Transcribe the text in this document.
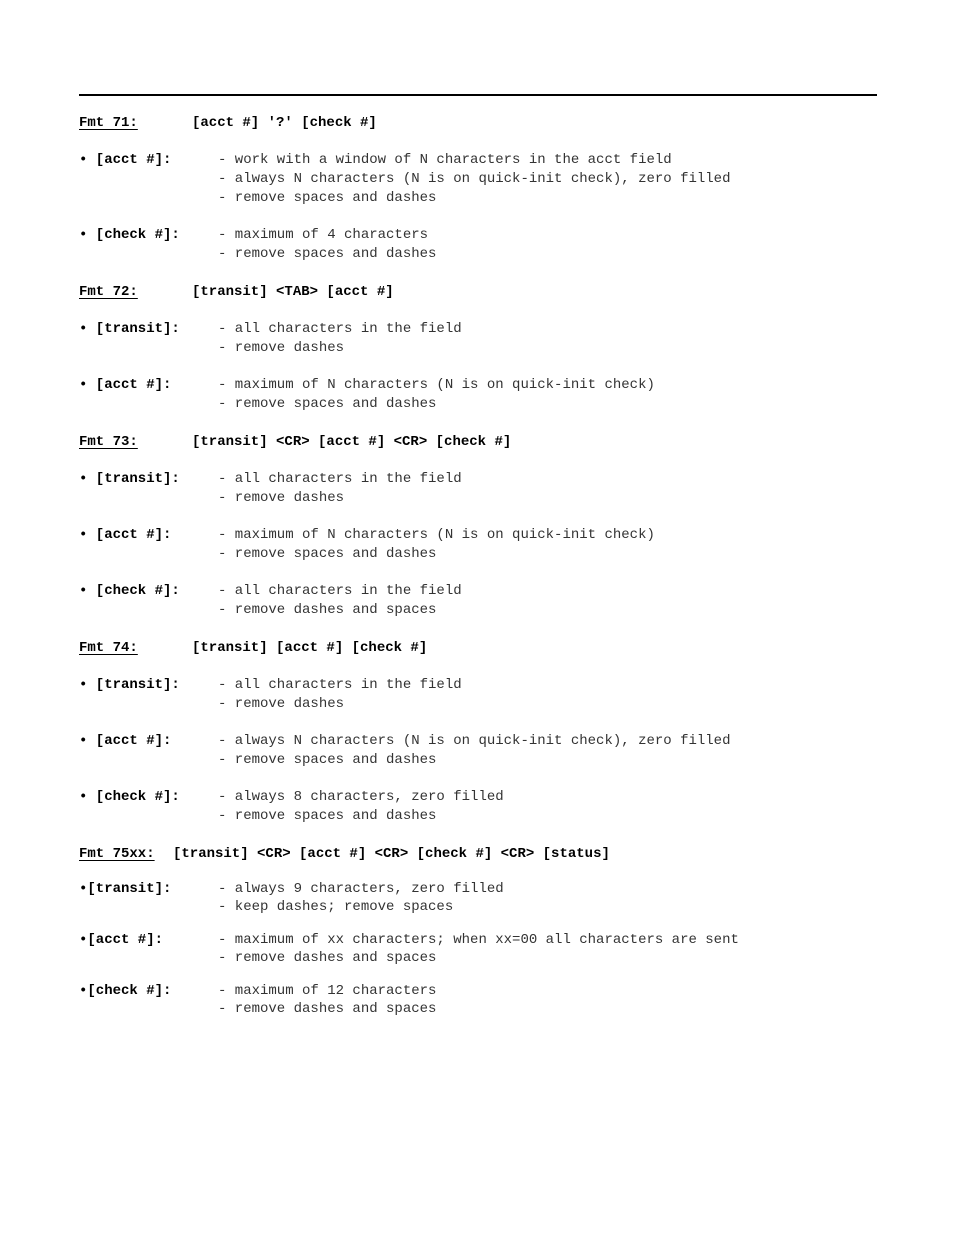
Fmt 71:	[acct #] '?' [check #]
• [acct #]:	- work with a window of N characters in the acct field
- always N characters (N is on quick-init check), zero filled
- remove spaces and dashes
• [check #]:	- maximum of 4 characters
- remove spaces and dashes
Fmt 72:	[transit] <TAB> [acct #]
• [transit]:	- all characters in the field
- remove dashes
• [acct #]:	- maximum of N characters (N is on quick-init check)
- remove spaces and dashes
Fmt 73:	[transit] <CR> [acct #] <CR> [check #]
• [transit]:	- all characters in the field
- remove dashes
• [acct #]:	- maximum of N characters (N is on quick-init check)
- remove spaces and dashes
• [check #]:	- all characters in the field
- remove dashes and spaces
Fmt 74:	[transit] [acct #] [check #]
• [transit]:	- all characters in the field
- remove dashes
• [acct #]:	- always N characters (N is on quick-init check), zero filled
- remove spaces and dashes
• [check #]:	- always 8 characters, zero filled
- remove spaces and dashes
Fmt 75xx: [transit] <CR> [acct #] <CR> [check #] <CR> [status]
•[transit]:	- always 9 characters, zero filled
- keep dashes; remove spaces
•[acct #]:	- maximum of xx characters; when xx=00 all characters are sent
- remove dashes and spaces
•[check #]:	- maximum of 12 characters
- remove dashes and spaces
